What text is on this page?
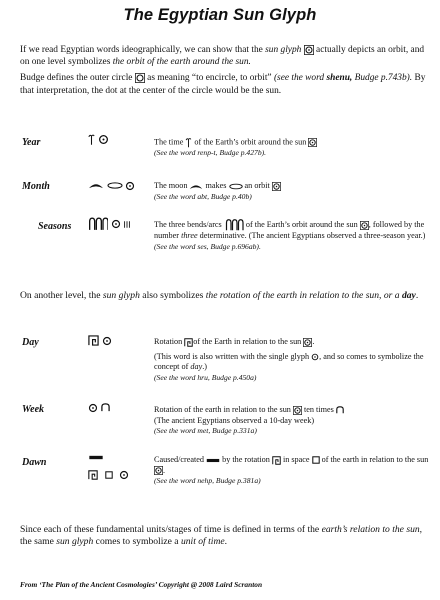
The Egyptian Sun Glyph

If we read Egyptian words ideographically, we can show that the sun glyph  actually depicts an orbit, and on one level symbolizes the orbit of the earth around the sun.

Budge defines the outer circle  as meaning “to encircle, to orbit” (see the word shenu, Budge p.743b). By that interpretation, the dot at the center of the circle would be the sun.

Year
	The time  of the Earth’s orbit around the sun

(See the word renp-t, Budge p.427b).

Month
	The moon  makes  an orbit

(See the word abt, Budge p.40b)

Seasons
	The three bends/arcs  of the Earth’s orbit around the sun , followed by the number three determinative. (The ancient Egyptians observed a three-season year.)

(See the word ses, Budge p.696ab).

On another level, the sun glyph also symbolizes the rotation of the earth in relation to the sun, or a day.
Day
	Rotation of the Earth in relation to the sun .

(This word is also written with the single glyph , and so comes to symbolize the concept of day.)

(See the word hru, Budge p.450a)

Week
	Rotation of the earth in relation to the sun  ten times

(The ancient Egyptians observed a 10-day week)

(See the word met, Budge p.331a)

Dawn
	Caused/created  by the rotation  in space  of the earth in relation to the sun .

(See the word nehp, Budge p.381a)

Since each of these fundamental units/stages of time is defined in terms of the earth’s relation to the sun, the same sun glyph comes to symbolize a unit of time.
From ‘The Plan of the Ancient Cosmologies’ Copyright @ 2008 Laird Scranton
